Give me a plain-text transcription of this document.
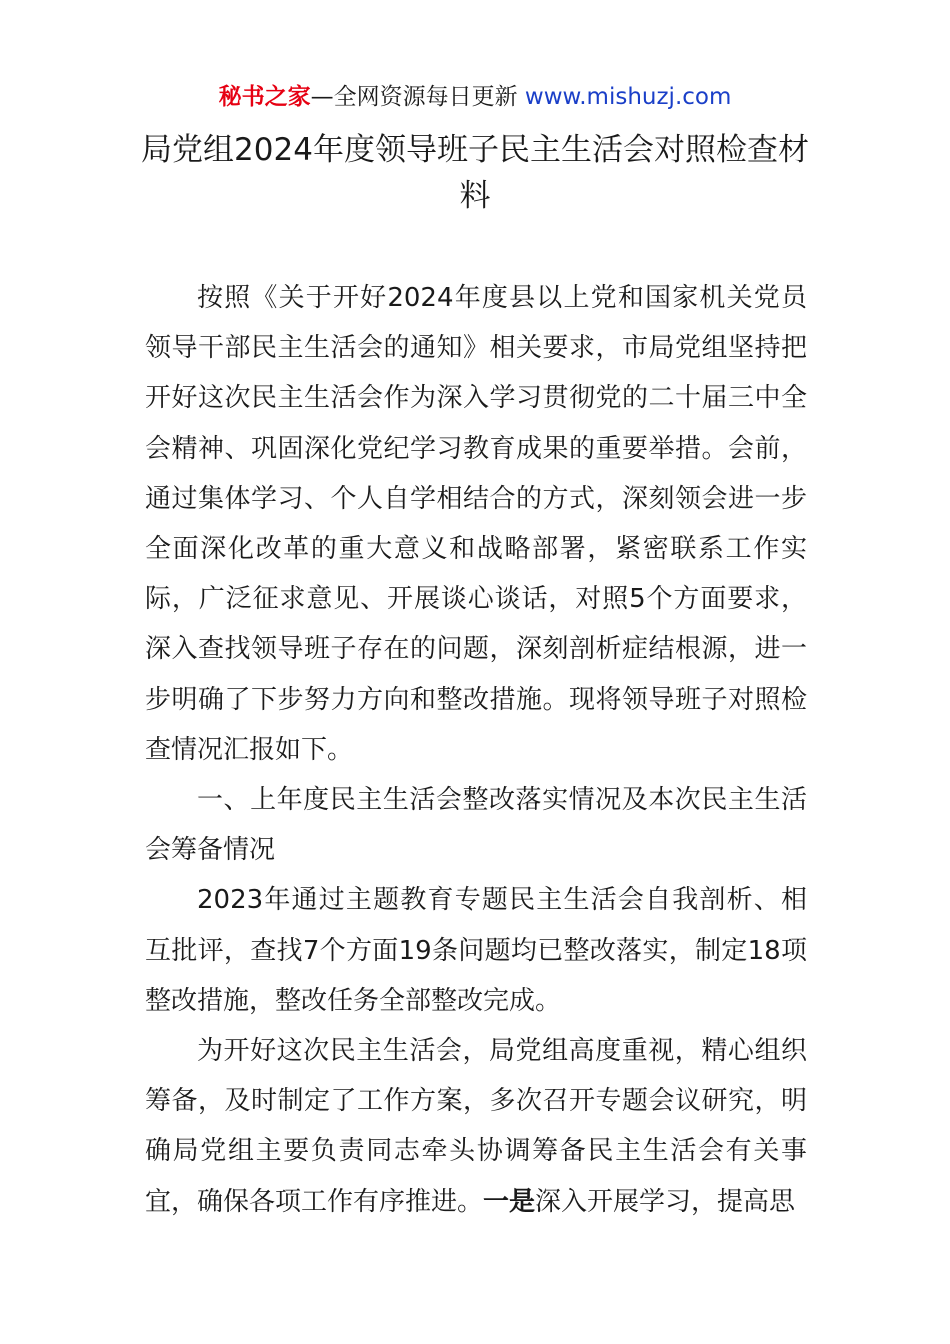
秘书之家—全网资源每日更新 www.mishuzj.com
局党组2024年度领导班子民主生活会对照检查材料

按照《关于开好2024年度县以上党和国家机关党员领导干部民主生活会的通知》相关要求，市局党组坚持把开好这次民主生活会作为深入学习贯彻党的二十届三中全会精神、巩固深化党纪学习教育成果的重要举措。会前，通过集体学习、个人自学相结合的方式，深刻领会进一步全面深化改革的重大意义和战略部署，紧密联系工作实际，广泛征求意见、开展谈心谈话，对照5个方面要求，深入查找领导班子存在的问题，深刻剖析症结根源，进一步明确了下步努力方向和整改措施。现将领导班子对照检查情况汇报如下。

一、上年度民主生活会整改落实情况及本次民主生活会筹备情况

2023年通过主题教育专题民主生活会自我剖析、相互批评，查找7个方面19条问题均已整改落实，制定18项整改措施，整改任务全部整改完成。

为开好这次民主生活会，局党组高度重视，精心组织筹备，及时制定了工作方案，多次召开专题会议研究，明确局党组主要负责同志牵头协调筹备民主生活会有关事宜，确保各项工作有序推进。一是深入开展学习，提高思
